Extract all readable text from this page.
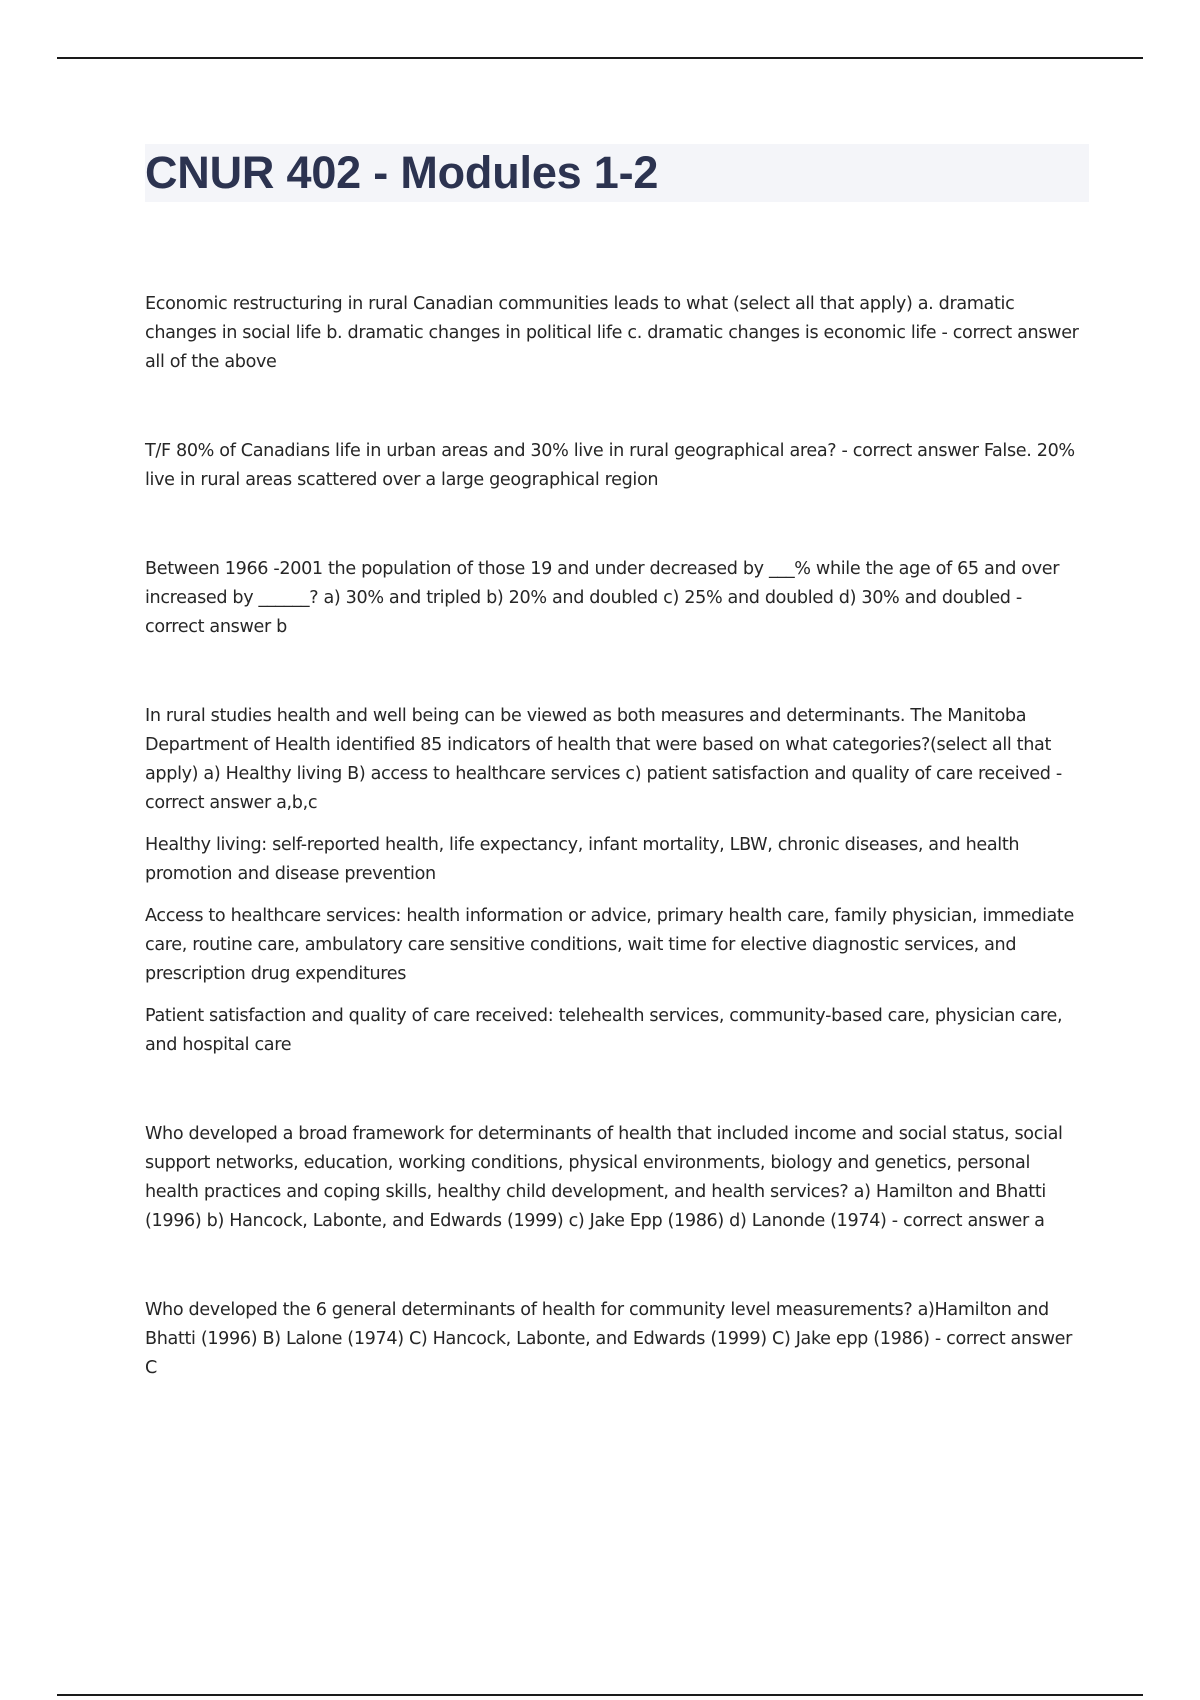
CNUR 402 - Modules 1-2

Economic restructuring in rural Canadian communities leads to what (select all that apply) a. dramatic changes in social life b. dramatic changes in political life c. dramatic changes is economic life - correct answer all of the above

T/F 80% of Canadians life in urban areas and 30% live in rural geographical area? - correct answer False. 20% live in rural areas scattered over a large geographical region

Between 1966 -2001 the population of those 19 and under decreased by ___% while the age of 65 and over increased by ______? a) 30% and tripled b) 20% and doubled c) 25% and doubled d) 30% and doubled - correct answer b

In rural studies health and well being can be viewed as both measures and determinants. The Manitoba Department of Health identified 85 indicators of health that were based on what categories?(select all that apply) a) Healthy living B) access to healthcare services c) patient satisfaction and quality of care received - correct answer a,b,c

Healthy living: self-reported health, life expectancy, infant mortality, LBW, chronic diseases, and health promotion and disease prevention

Access to healthcare services: health information or advice, primary health care, family physician, immediate care, routine care, ambulatory care sensitive conditions, wait time for elective diagnostic services, and prescription drug expenditures

Patient satisfaction and quality of care received: telehealth services, community-based care, physician care, and hospital care

Who developed a broad framework for determinants of health that included income and social status, social support networks, education, working conditions, physical environments, biology and genetics, personal health practices and coping skills, healthy child development, and health services? a) Hamilton and Bhatti (1996) b) Hancock, Labonte, and Edwards (1999) c) Jake Epp (1986) d) Lanonde (1974) - correct answer a

Who developed the 6 general determinants of health for community level measurements? a)Hamilton and Bhatti (1996) B) Lalone (1974) C) Hancock, Labonte, and Edwards (1999) C) Jake epp (1986) - correct answer C
